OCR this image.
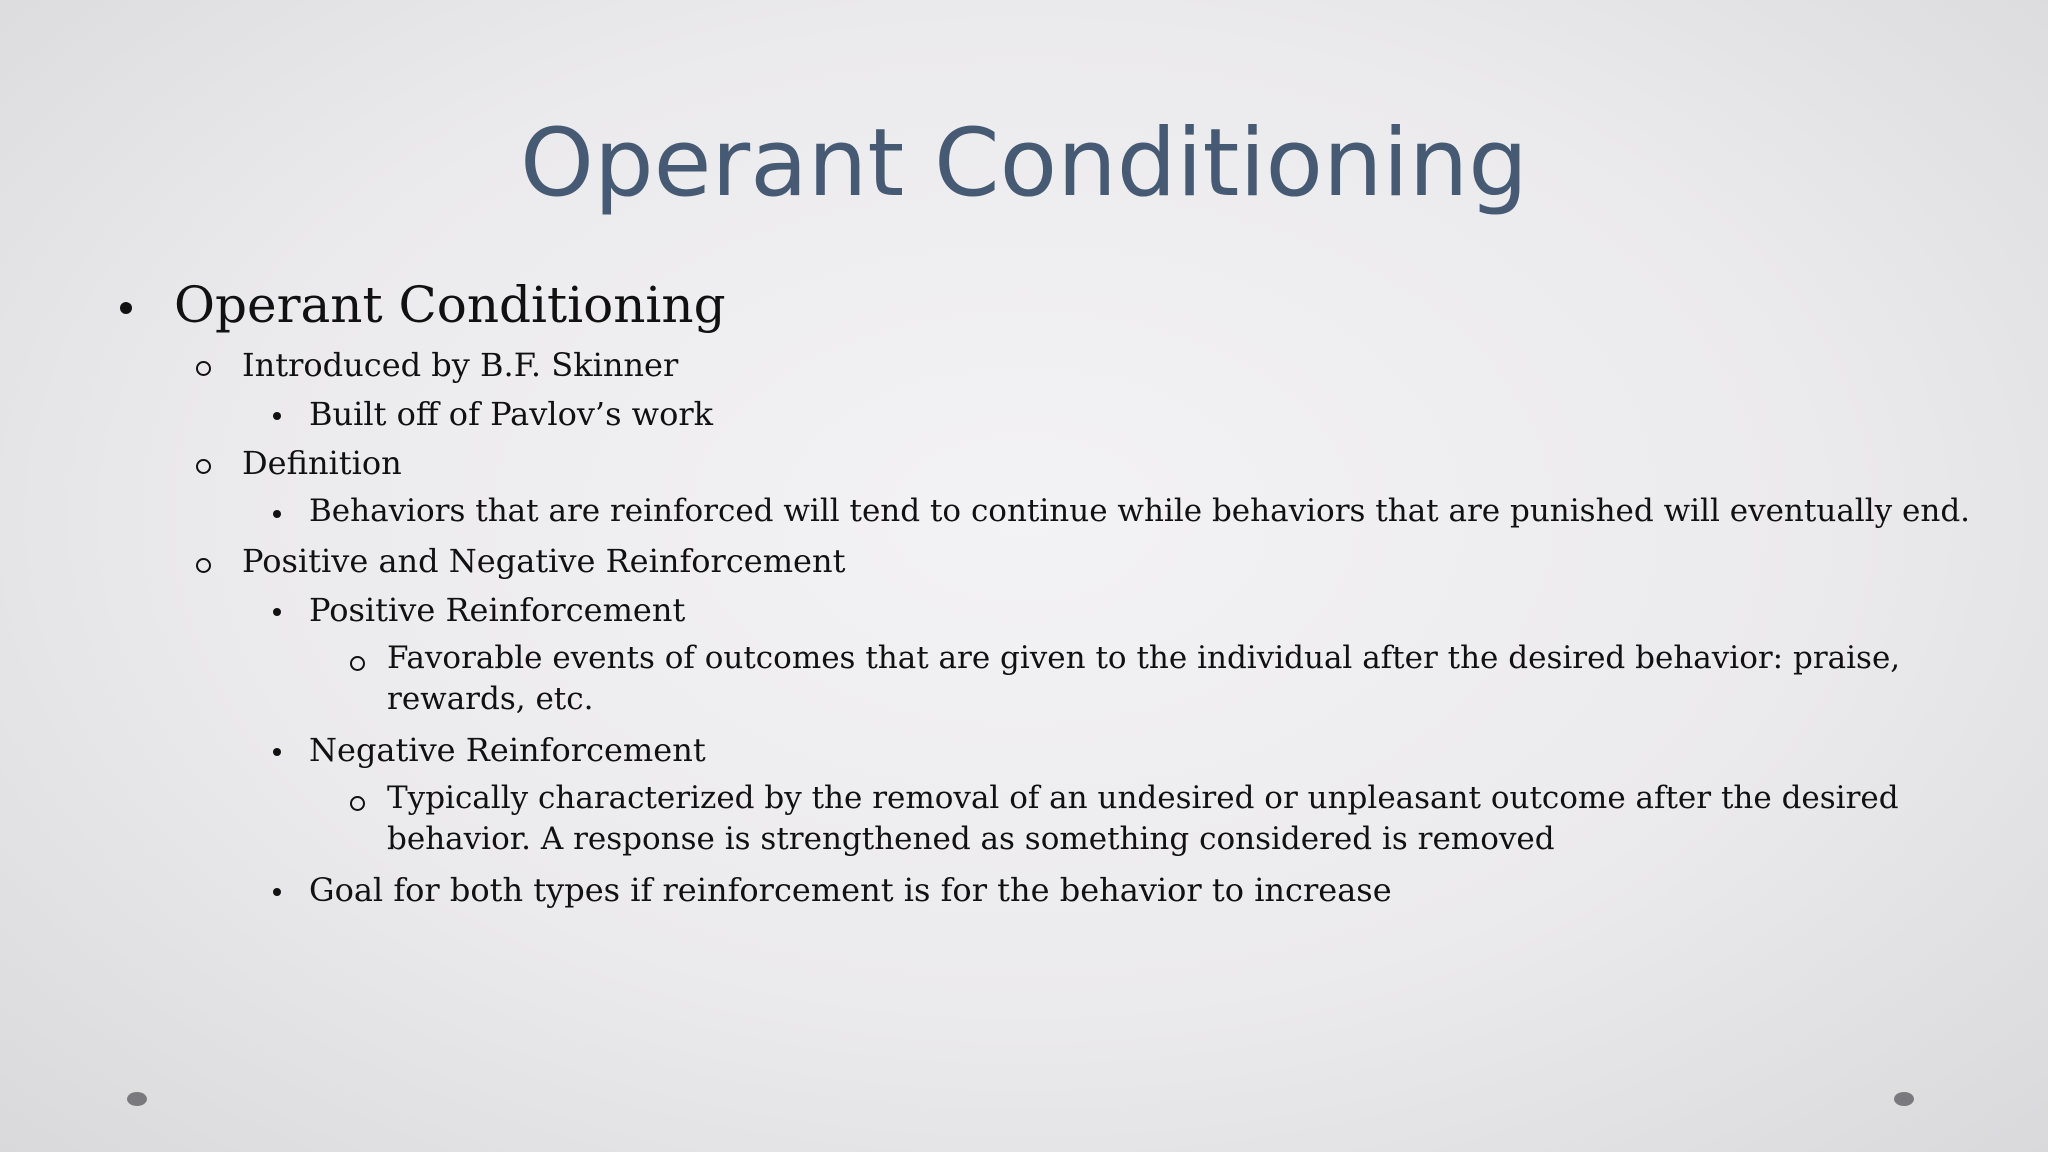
Operant Conditioning
Operant Conditioning
Introduced by B.F. Skinner
Built off of Pavlov’s work
Definition
Behaviors that are reinforced will tend to continue while behaviors that are punished will eventually end.
Positive and Negative Reinforcement
Positive Reinforcement
Favorable events of outcomes that are given to the individual after the desired behavior: praise,
rewards, etc.
Negative Reinforcement
Typically characterized by the removal of an undesired or unpleasant outcome after the desired
behavior. A response is strengthened as something considered is removed
Goal for both types if reinforcement is for the behavior to increase
